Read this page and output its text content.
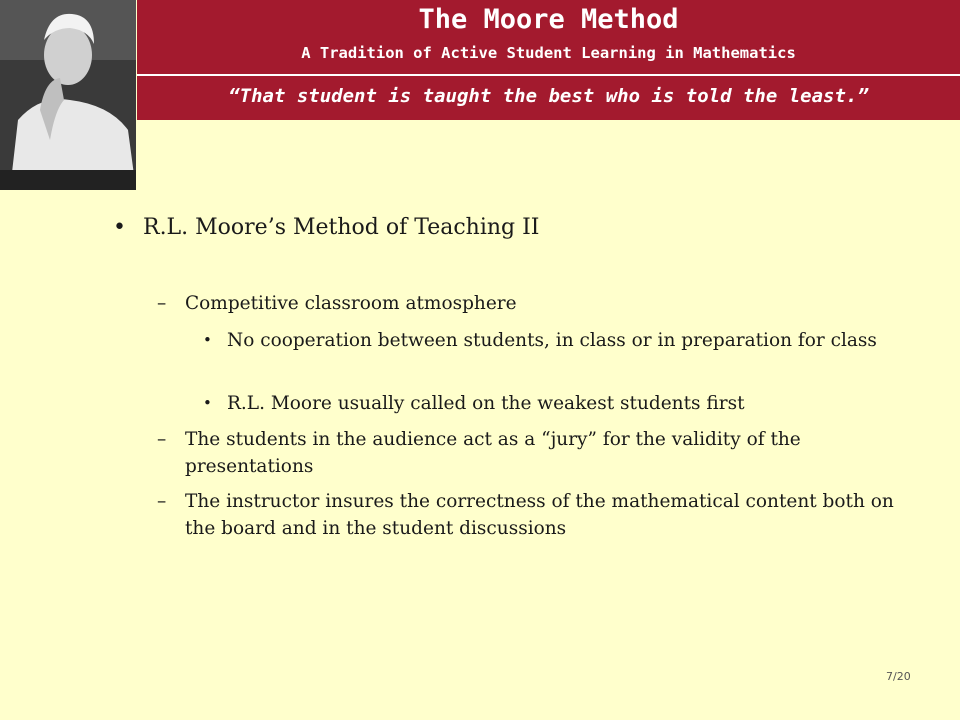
The Moore Method
A Tradition of Active Student Learning in Mathematics
“That student is taught the best who is told the least.”
• R.L. Moore’s Method of Teaching II
– Competitive classroom atmosphere
• No cooperation between students, in class or in preparation for class
• R.L. Moore usually called on the weakest students first
– The students in the audience act as a “jury” for the validity of the presentations
– The instructor insures the correctness of the mathematical content both on the board and in the student discussions
7/20
